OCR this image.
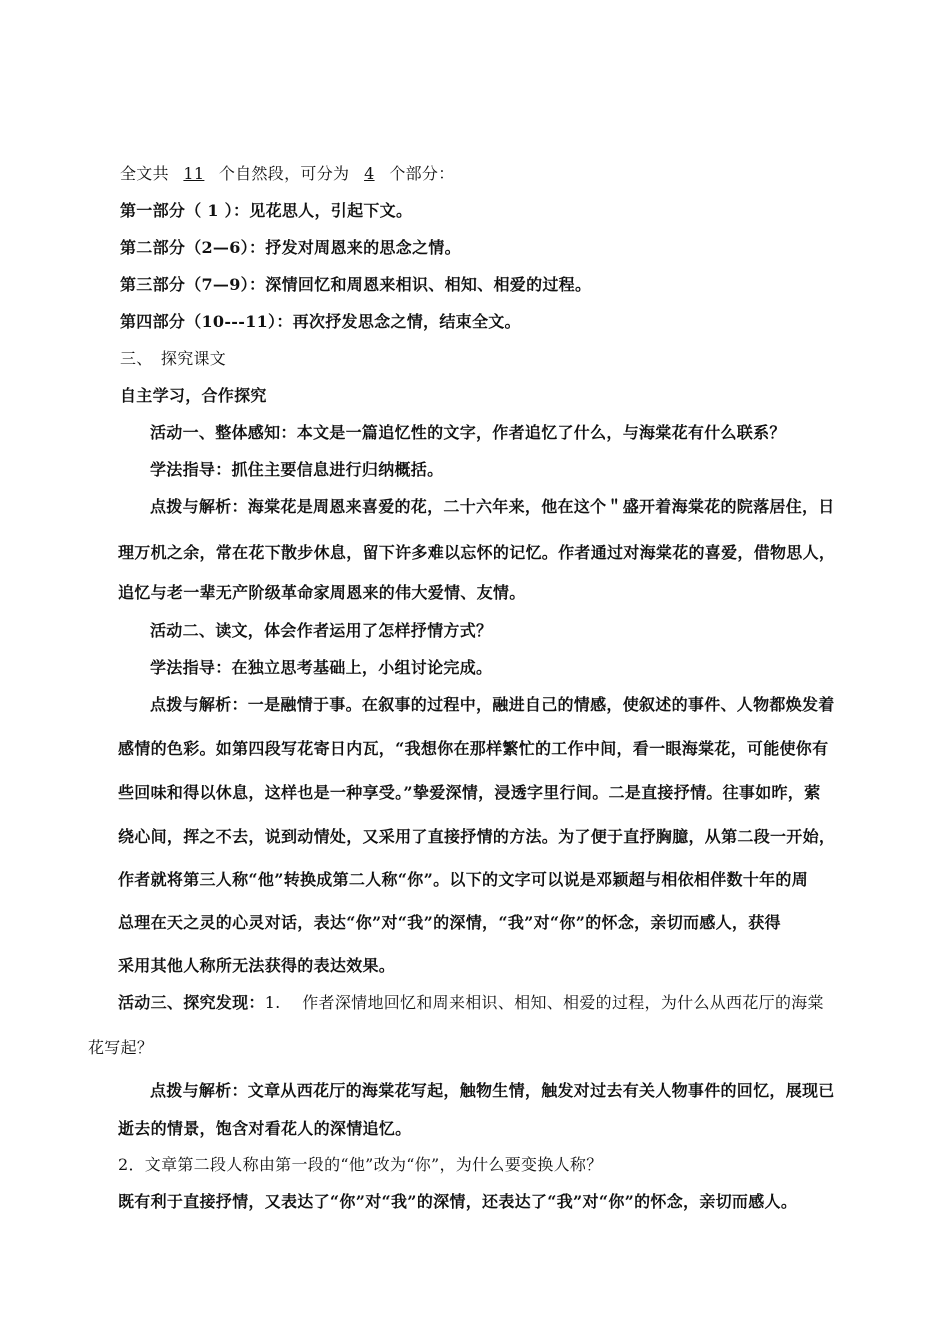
全文共 11 个自然段，可分为 4 个部分：
第一部分（ 1 ）：见花思人，引起下文。
第二部分（2—6）：抒发对周恩来的思念之情。
第三部分（7—9）：深情回忆和周恩来相识、相知、相爱的过程。
第四部分（10---11）：再次抒发思念之情，结束全文。
三、　探究课文
自主学习，合作探究
活动一、整体感知：本文是一篇追忆性的文字，作者追忆了什么，与海棠花有什么联系？
学法指导：抓住主要信息进行归纳概括。
点拨与解析：海棠花是周恩来喜爱的花，二十六年来，他在这个＂盛开着海棠花的院落居住，日
理万机之余，常在花下散步休息，留下许多难以忘怀的记忆。作者通过对海棠花的喜爱，借物思人，
追忆与老一辈无产阶级革命家周恩来的伟大爱情、友情。
活动二、读文，体会作者运用了怎样抒情方式？
学法指导：在独立思考基础上，小组讨论完成。
点拨与解析：一是融情于事。在叙事的过程中，融进自己的情感，使叙述的事件、人物都焕发着
感情的色彩。如第四段写花寄日内瓦，“我想你在那样繁忙的工作中间，看一眼海棠花，可能使你有
些回味和得以休息，这样也是一种享受。”挚爱深情，浸透字里行间。二是直接抒情。往事如昨，萦
绕心间，挥之不去，说到动情处，又采用了直接抒情的方法。为了便于直抒胸臆，从第二段一开始，
作者就将第三人称“他”转换成第二人称“你”。以下的文字可以说是邓颖超与相依相伴数十年的周
总理在天之灵的心灵对话，表达“你”对“我”的深情，“我”对“你”的怀念，亲切而感人，获得
采用其他人称所无法获得的表达效果。
活动三、探究发现：1.　 作者深情地回忆和周来相识、相知、相爱的过程，为什么从西花厅的海棠
花写起？
点拨与解析：文章从西花厅的海棠花写起，触物生情，触发对过去有关人物事件的回忆，展现已
逝去的情景，饱含对看花人的深情追忆。
2．文章第二段人称由第一段的“他”改为“你”，为什么要变换人称？
既有利于直接抒情，又表达了“你”对“我”的深情，还表达了“我”对“你”的怀念，亲切而感人。
